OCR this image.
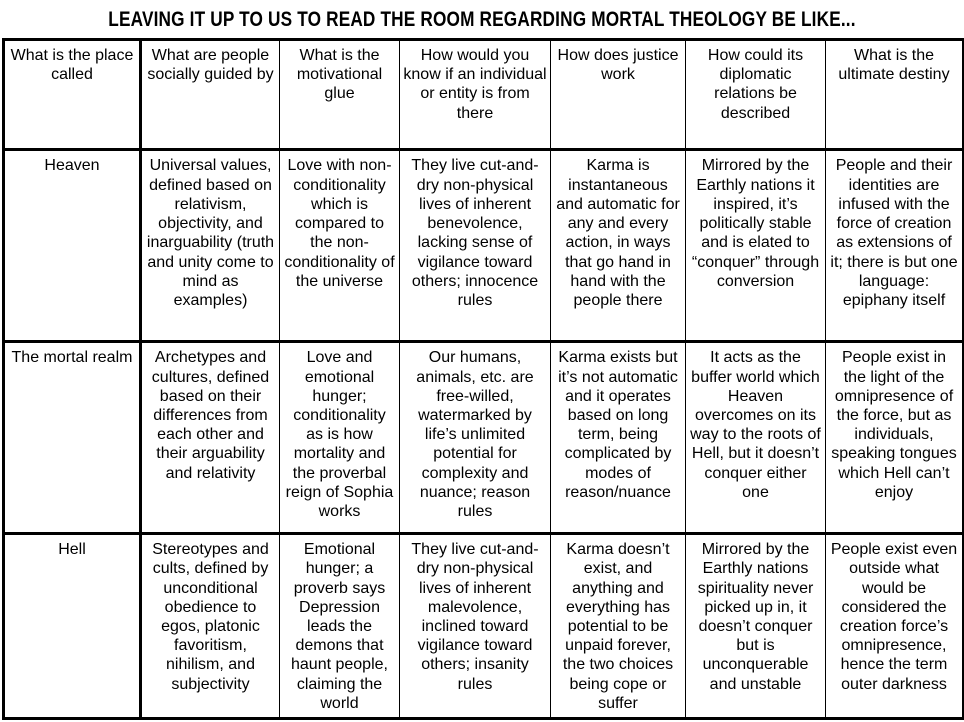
LEAVING IT UP TO US TO READ THE ROOM REGARDING MORTAL THEOLOGY BE LIKE...
What is the place called	What are people socially guided by	What is the motivational glue	How would you know if an individual or entity is from there	How does justice work	How could its diplomatic relations be described	What is the ultimate destiny
Heaven	Universal values, defined based on relativism, objectivity, and inarguability (truth and unity come to mind as examples)	Love with non-conditionality which is compared to the non-conditionality of the universe	They live cut-and-dry non-physical lives of inherent benevolence, lacking sense of vigilance toward others; innocence rules	Karma is instantaneous and automatic for any and every action, in ways that go hand in hand with the people there	Mirrored by the Earthly nations it inspired, it’s politically stable and is elated to “conquer” through conversion	People and their identities are infused with the force of creation as extensions of it; there is but one language: epiphany itself
The mortal realm	Archetypes and cultures, defined based on their differences from each other and their arguability and relativity	Love and emotional hunger; conditionality as is how mortality and the proverbal reign of Sophia works	Our humans, animals, etc. are free-willed, watermarked by life’s unlimited potential for complexity and nuance; reason rules	Karma exists but it’s not automatic and it operates based on long term, being complicated by modes of reason/nuance	It acts as the buffer world which Heaven overcomes on its way to the roots of Hell, but it doesn’t conquer either one	People exist in the light of the omnipresence of the force, but as individuals, speaking tongues which Hell can’t enjoy
Hell	Stereotypes and cults, defined by unconditional obedience to egos, platonic favoritism, nihilism, and subjectivity	Emotional hunger; a proverb says Depression leads the demons that haunt people, claiming the world	They live cut-and-dry non-physical lives of inherent malevolence, inclined toward vigilance toward others; insanity rules	Karma doesn’t exist, and anything and everything has potential to be unpaid forever, the two choices being cope or suffer	Mirrored by the Earthly nations spirituality never picked up in, it doesn’t conquer but is unconquerable and unstable	People exist even outside what would be considered the creation force’s omnipresence, hence the term outer darkness
